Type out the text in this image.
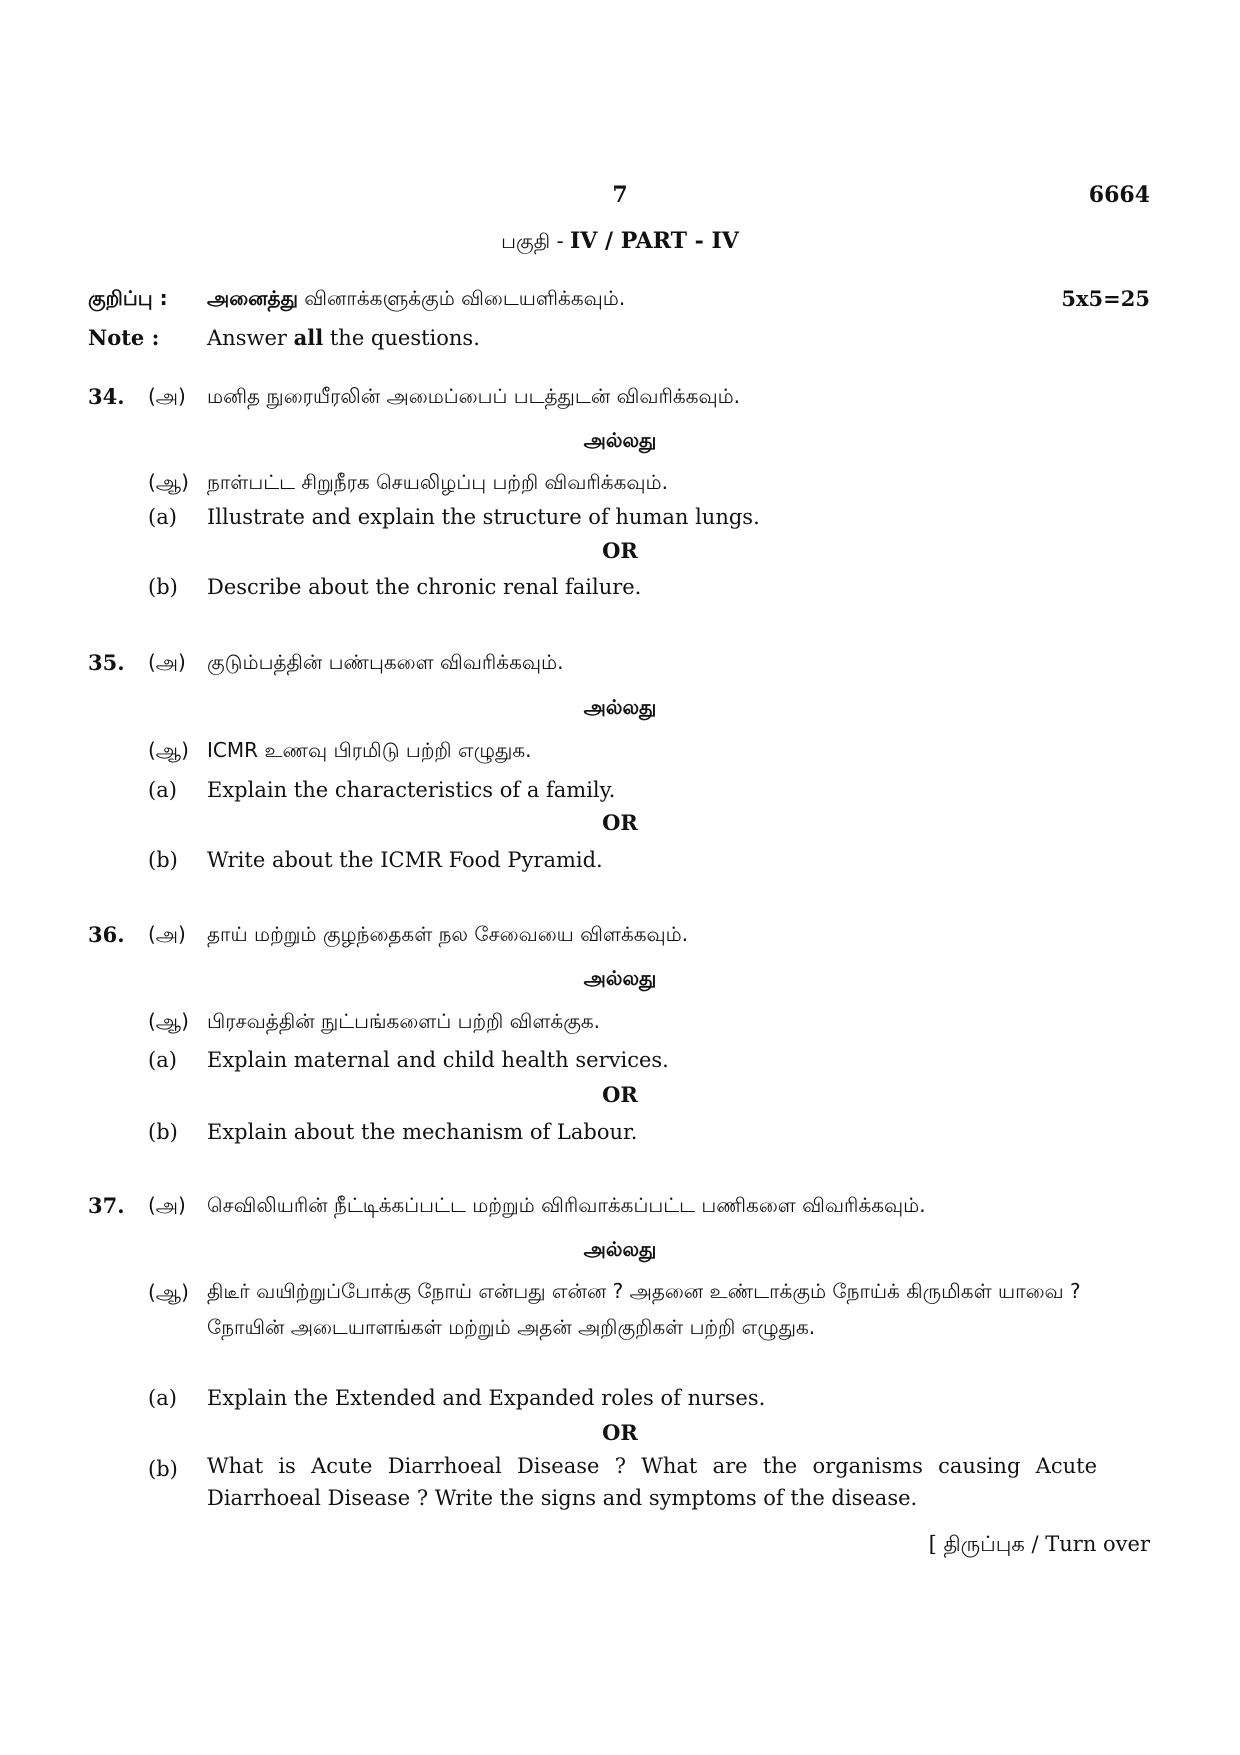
7	6664
பகுதி - IV / PART - IV
குறிப்பு : அனைத்து வினாக்களுக்கும் விடையளிக்கவும்.	5x5=25
Note : Answer all the questions.
34. (அ) மனித நுரையீரலின் அமைப்பைப் படத்துடன் விவரிக்கவும்.
அல்லது
(ஆ) நாள்பட்ட சிறுநீரக செயலிழப்பு பற்றி விவரிக்கவும்.
(a) Illustrate and explain the structure of human lungs.
OR
(b) Describe about the chronic renal failure.
35. (அ) குடும்பத்தின் பண்புகளை விவரிக்கவும்.
அல்லது
(ஆ) ICMR உணவு பிரமிடு பற்றி எழுதுக.
(a) Explain the characteristics of a family.
OR
(b) Write about the ICMR Food Pyramid.
36. (அ) தாய் மற்றும் குழந்தைகள் நல சேவையை விளக்கவும்.
அல்லது
(ஆ) பிரசவத்தின் நுட்பங்களைப் பற்றி விளக்குக.
(a) Explain maternal and child health services.
OR
(b) Explain about the mechanism of Labour.
37. (அ) செவிலியரின் நீட்டிக்கப்பட்ட மற்றும் விரிவாக்கப்பட்ட பணிகளை விவரிக்கவும்.
அல்லது
(ஆ) திடீர் வயிற்றுப்போக்கு நோய் என்பது என்ன ? அதனை உண்டாக்கும் நோய்க் கிருமிகள் யாவை ? நோயின் அடையாளங்கள் மற்றும் அதன் அறிகுறிகள் பற்றி எழுதுக.
(a) Explain the Extended and Expanded roles of nurses.
OR
(b) What is Acute Diarrhoeal Disease ? What are the organisms causing Acute Diarrhoeal Disease ? Write the signs and symptoms of the disease.
[ திருப்புக / Turn over
